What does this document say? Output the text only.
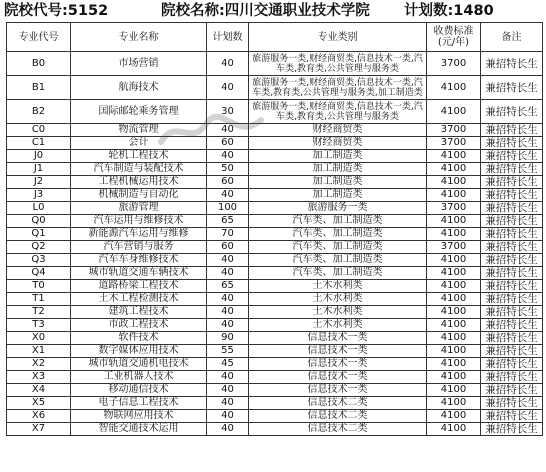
院校代号:5152	院校名称:四川交通职业技术学院 计划数:1480
专业代号	专业名称	计划数	专业类别	收费标准(元/年)	备注
B0	市场营销	40	旅游服务一类,财经商贸类,信息技术一类,汽车类,教育类,公共管理与服务类	3700	兼招特长生
B1	航海技术	40	旅游服务一类,财经商贸类,信息技术一类,汽车类,教育类,公共管理与服务类,加工制造类	4100	兼招特长生
B2	国际邮轮乘务管理	30	旅游服务一类,财经商贸类,信息技术一类,汽车类,教育类,公共管理与服务类	4100	兼招特长生
C0	物流管理	40	财经商贸类	3700	兼招特长生
C1	会计	60	财经商贸类	3700	兼招特长生
J0	轮机工程技术	40	加工制造类	4100	兼招特长生
J1	汽车制造与装配技术	50	加工制造类	4100	兼招特长生
J2	工程机械运用技术	60	加工制造类	4100	兼招特长生
J3	机械制造与自动化	40	加工制造类	4100	兼招特长生
L0	旅游管理	100	旅游服务一类	3700	兼招特长生
Q0	汽车运用与维修技术	65	汽车类、加工制造类	4100	兼招特长生
Q1	新能源汽车运用与维修	70	汽车类、加工制造类	4100	兼招特长生
Q2	汽车营销与服务	60	汽车类、加工制造类	3700	兼招特长生
Q3	汽车车身维修技术	40	汽车类、加工制造类	4100	兼招特长生
Q4	城市轨道交通车辆技术	40	汽车类、加工制造类	4100	兼招特长生
T0	道路桥梁工程技术	65	土木水利类	4100	兼招特长生
T1	土木工程检测技术	40	土木水利类	4100	兼招特长生
T2	建筑工程技术	40	土木水利类	4100	兼招特长生
T3	市政工程技术	40	土木水利类	4100	兼招特长生
X0	软件技术	90	信息技术一类	4100	兼招特长生
X1	数字媒体应用技术	55	信息技术一类	4100	兼招特长生
X2	城市轨道交通机电技术	45	信息技术一类	4100	兼招特长生
X3	工业机器人技术	40	信息技术一类	4100	兼招特长生
X4	移动通信技术	40	信息技术一类	4100	兼招特长生
X5	电子信息工程技术	40	信息技术二类	4100	兼招特长生
X6	物联网应用技术	40	信息技术二类	4100	兼招特长生
X7	智能交通技术运用	40	信息技术二类	4100	兼招特长生
